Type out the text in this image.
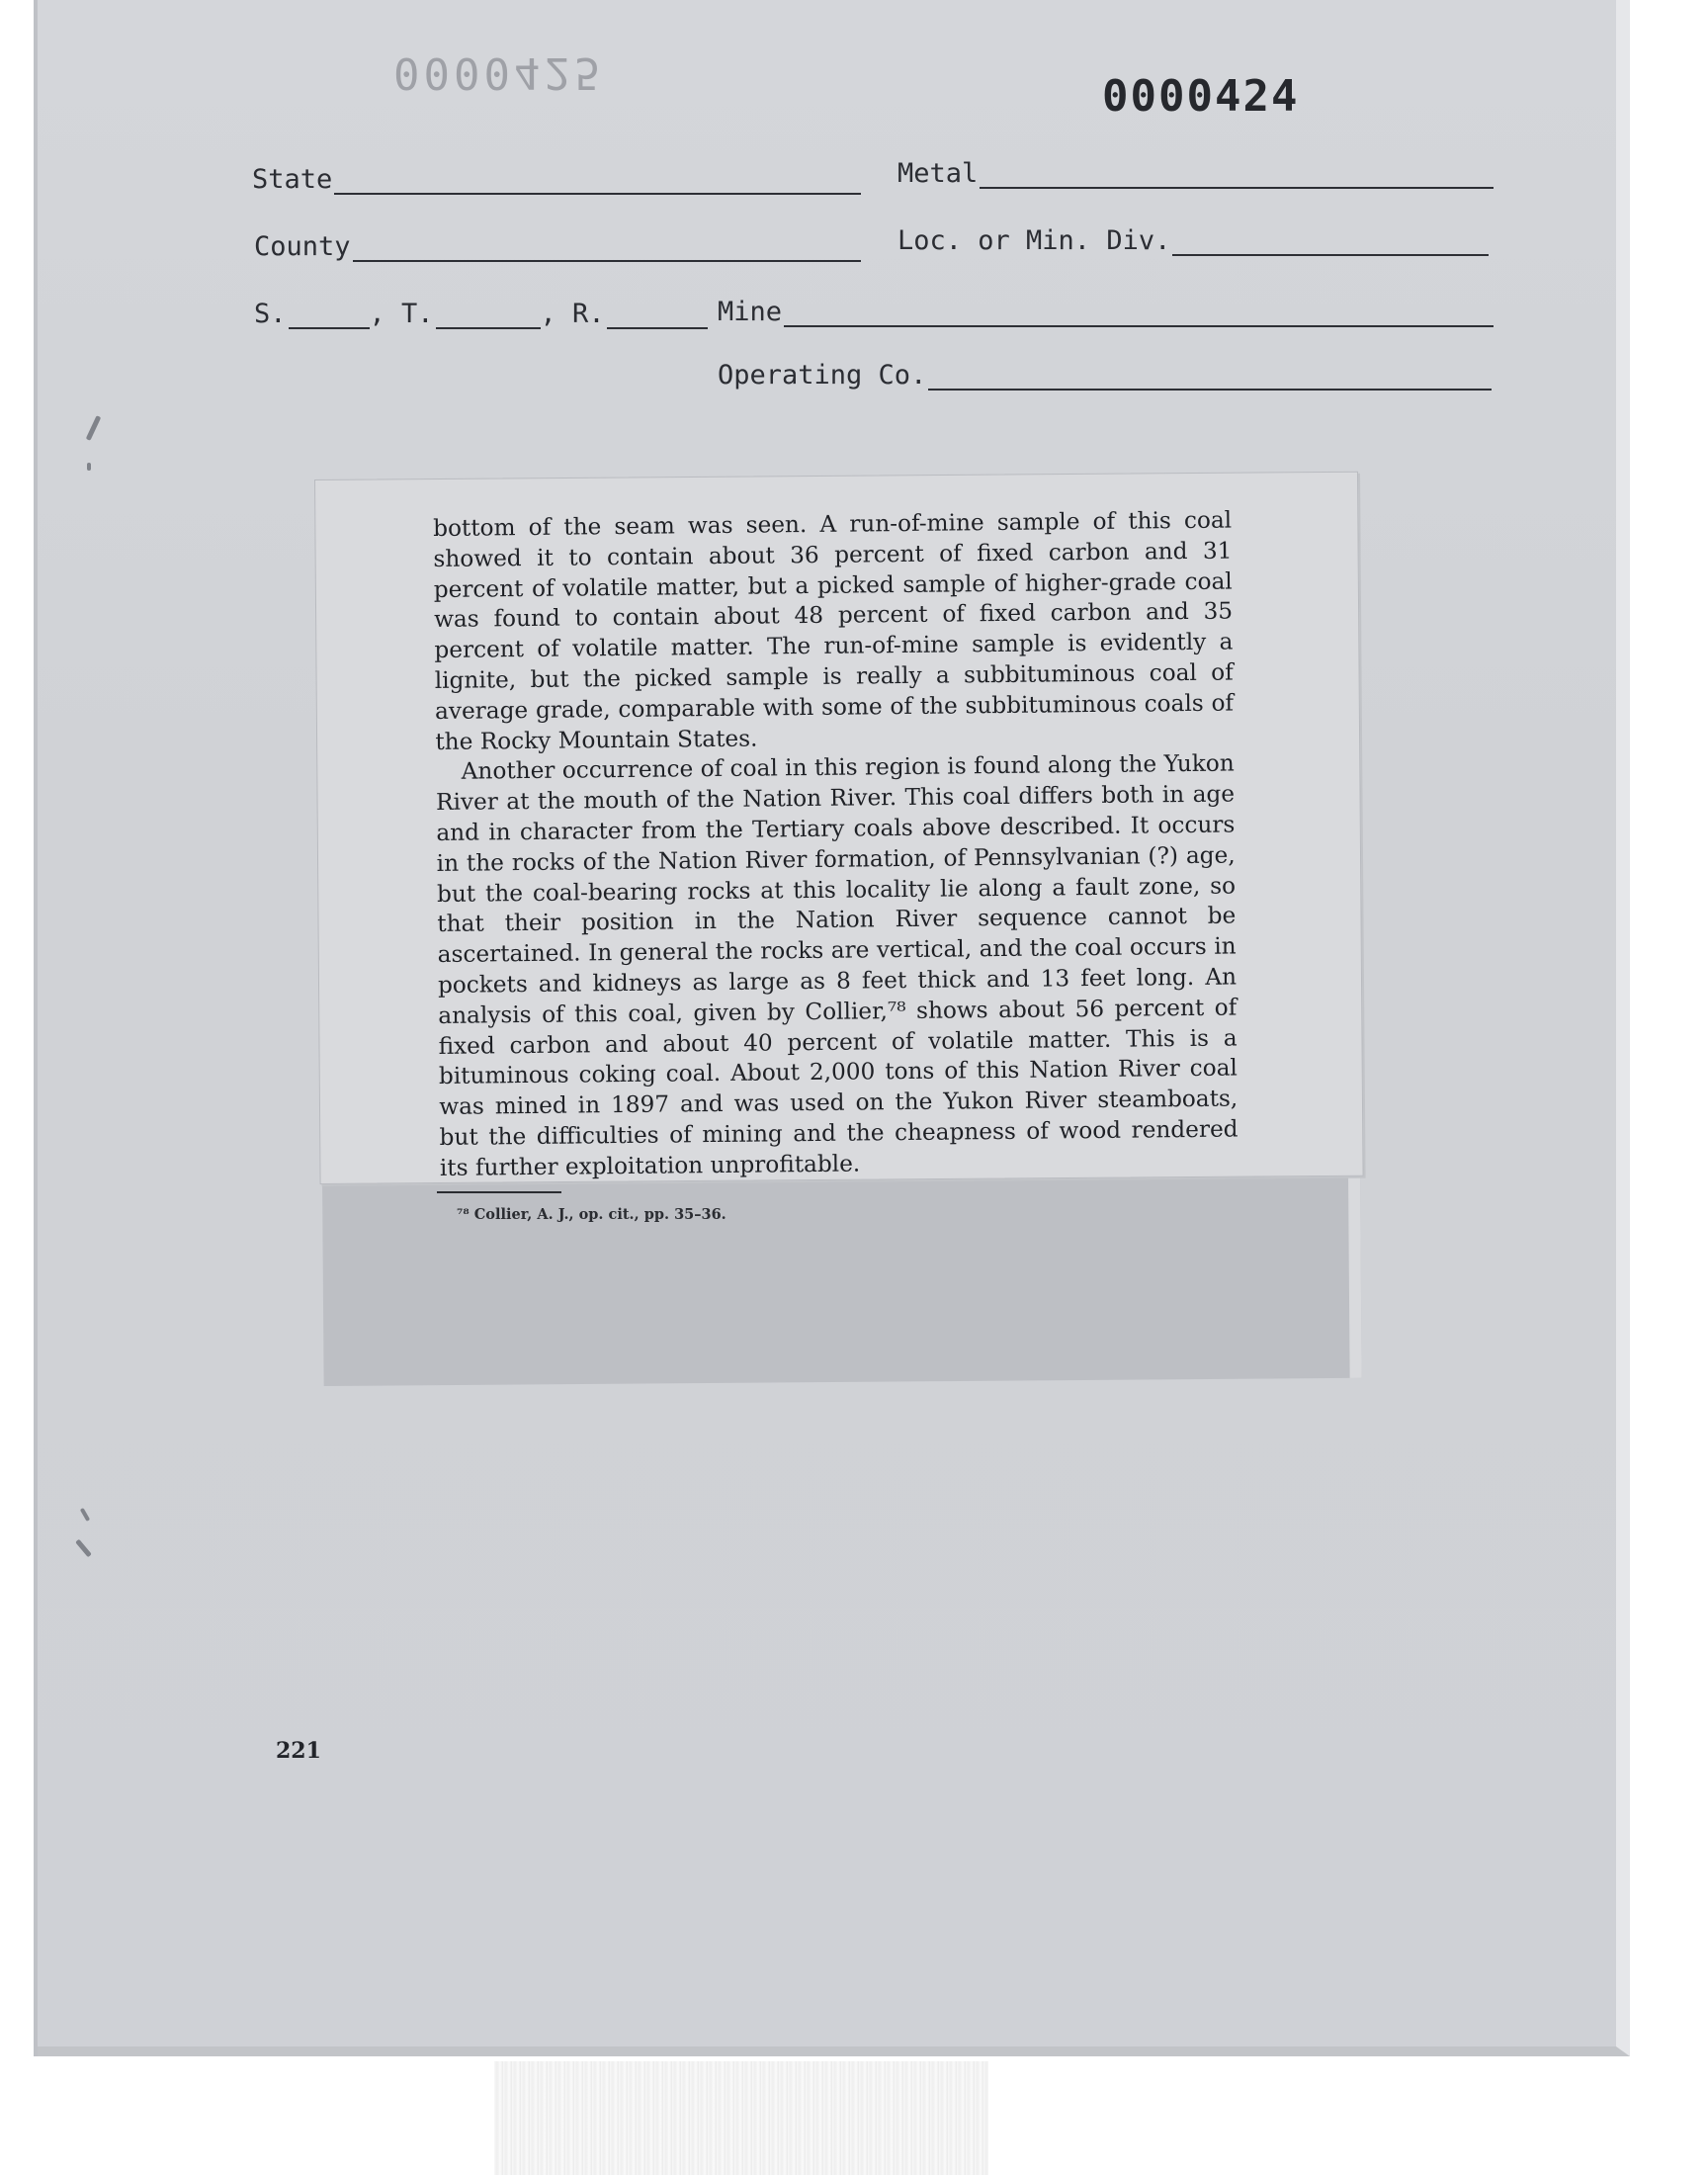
0000425	0000424
State	Metal
County	Loc. or Min. Div.
S.	, T.	, R.	Mine
Operating Co.

bottom of the seam was seen. A run-of-mine sample of this coal showed it to contain about 36 percent of fixed carbon and 31 percent of volatile matter, but a picked sample of higher-grade coal was found to contain about 48 percent of fixed carbon and 35 percent of volatile matter. The run-of-mine sample is evidently a lignite, but the picked sample is really a subbituminous coal of average grade, comparable with some of the subbituminous coals of the Rocky Mountain States.

Another occurrence of coal in this region is found along the Yukon River at the mouth of the Nation River. This coal differs both in age and in character from the Tertiary coals above described. It occurs in the rocks of the Nation River formation, of Pennsylvanian (?) age, but the coal-bearing rocks at this locality lie along a fault zone, so that their position in the Nation River sequence cannot be ascertained. In general the rocks are vertical, and the coal occurs in pockets and kidneys as large as 8 feet thick and 13 feet long. An analysis of this coal, given by Collier,⁷⁸ shows about 56 percent of fixed carbon and about 40 percent of volatile matter. This is a bituminous coking coal. About 2,000 tons of this Nation River coal was mined in 1897 and was used on the Yukon River steamboats, but the difficulties of mining and the cheapness of wood rendered its further exploitation unprofitable.

⁷⁸ Collier, A. J., op. cit., pp. 35–36.
221
